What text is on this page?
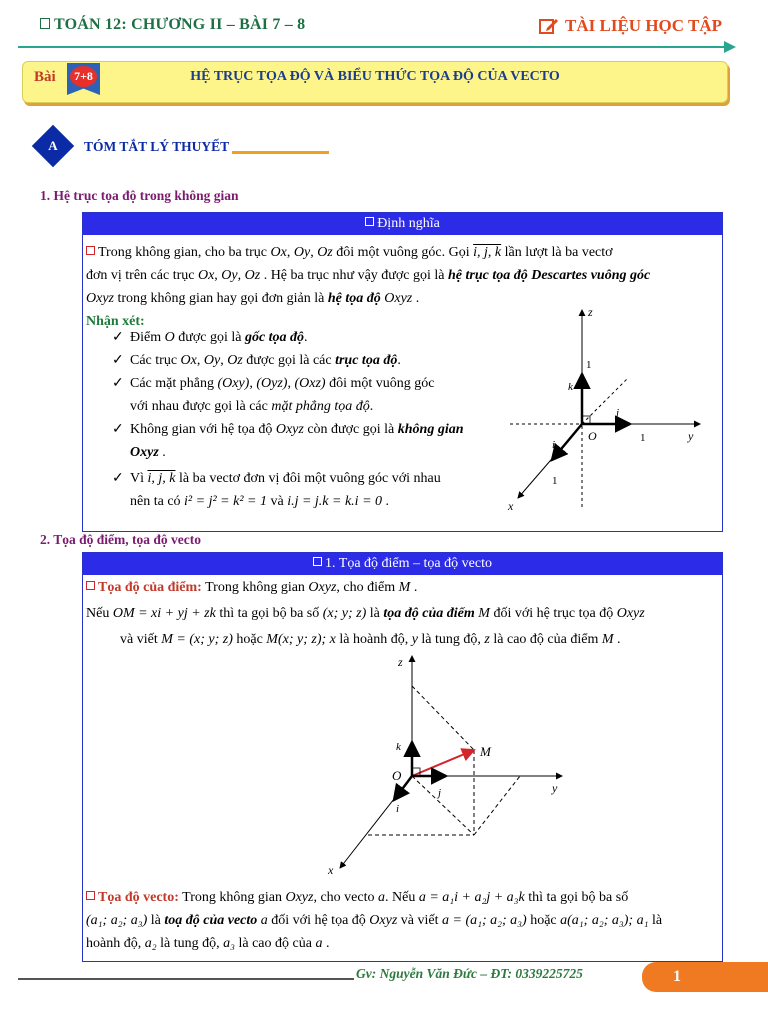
TOÁN 12: CHƯƠNG II – BÀI 7 – 8	TÀI LIỆU HỌC TẬP
Bài	7+8	HỆ TRỤC TỌA ĐỘ VÀ BIỂU THỨC TỌA ĐỘ CỦA VECTO
A	TÓM TẮT LÝ THUYẾT
1. Hệ trục tọa độ trong không gian
Định nghĩa
Trong không gian, cho ba trục Ox, Oy, Oz đôi một vuông góc. Gọi i, j, k lần lượt là ba vectơ
đơn vị trên các trục Ox, Oy, Oz . Hệ ba trục như vậy được gọi là hệ trục tọa độ Descartes vuông góc
Oxyz trong không gian hay gọi đơn giản là hệ tọa độ Oxyz .
Nhận xét:
✓ Điểm O được gọi là gốc tọa độ.
✓ Các trục Ox, Oy, Oz được gọi là các trục tọa độ.
✓ Các mặt phẳng (Oxy), (Oyz), (Oxz) đôi một vuông góc
với nhau được gọi là các mặt phẳng tọa độ.
✓ Không gian với hệ tọa độ Oxyz còn được gọi là không gian
Oxyz .
✓ Vì i, j, k là ba vectơ đơn vị đôi một vuông góc với nhau
nên ta có i² = j² = k² = 1 và i.j = j.k = k.i = 0 .
z
y
x
O
1
1
1
k
j
i
2. Tọa độ điểm, tọa độ vecto
1. Tọa độ điểm – tọa độ vecto
Tọa độ của điểm: Trong không gian Oxyz, cho điểm M .
Nếu OM = xi + yj + zk thì ta gọi bộ ba số (x; y; z) là tọa độ của điểm M đối với hệ trục tọa độ Oxyz
và viết M = (x; y; z) hoặc M(x; y; z); x là hoành độ, y là tung độ, z là cao độ của điểm M .
z
y
x
O
M
k
j
i
Tọa độ vecto: Trong không gian Oxyz, cho vecto a. Nếu a = a₁i + a₂j + a₃k thì ta gọi bộ ba số
(a₁; a₂; a₃) là toạ độ của vecto a đối với hệ tọa độ Oxyz và viết a = (a₁; a₂; a₃) hoặc a(a₁; a₂; a₃); a₁ là
hoành độ, a₂ là tung độ, a₃ là cao độ của a .
Gv: Nguyễn Văn Đức – ĐT: 0339225725	1
